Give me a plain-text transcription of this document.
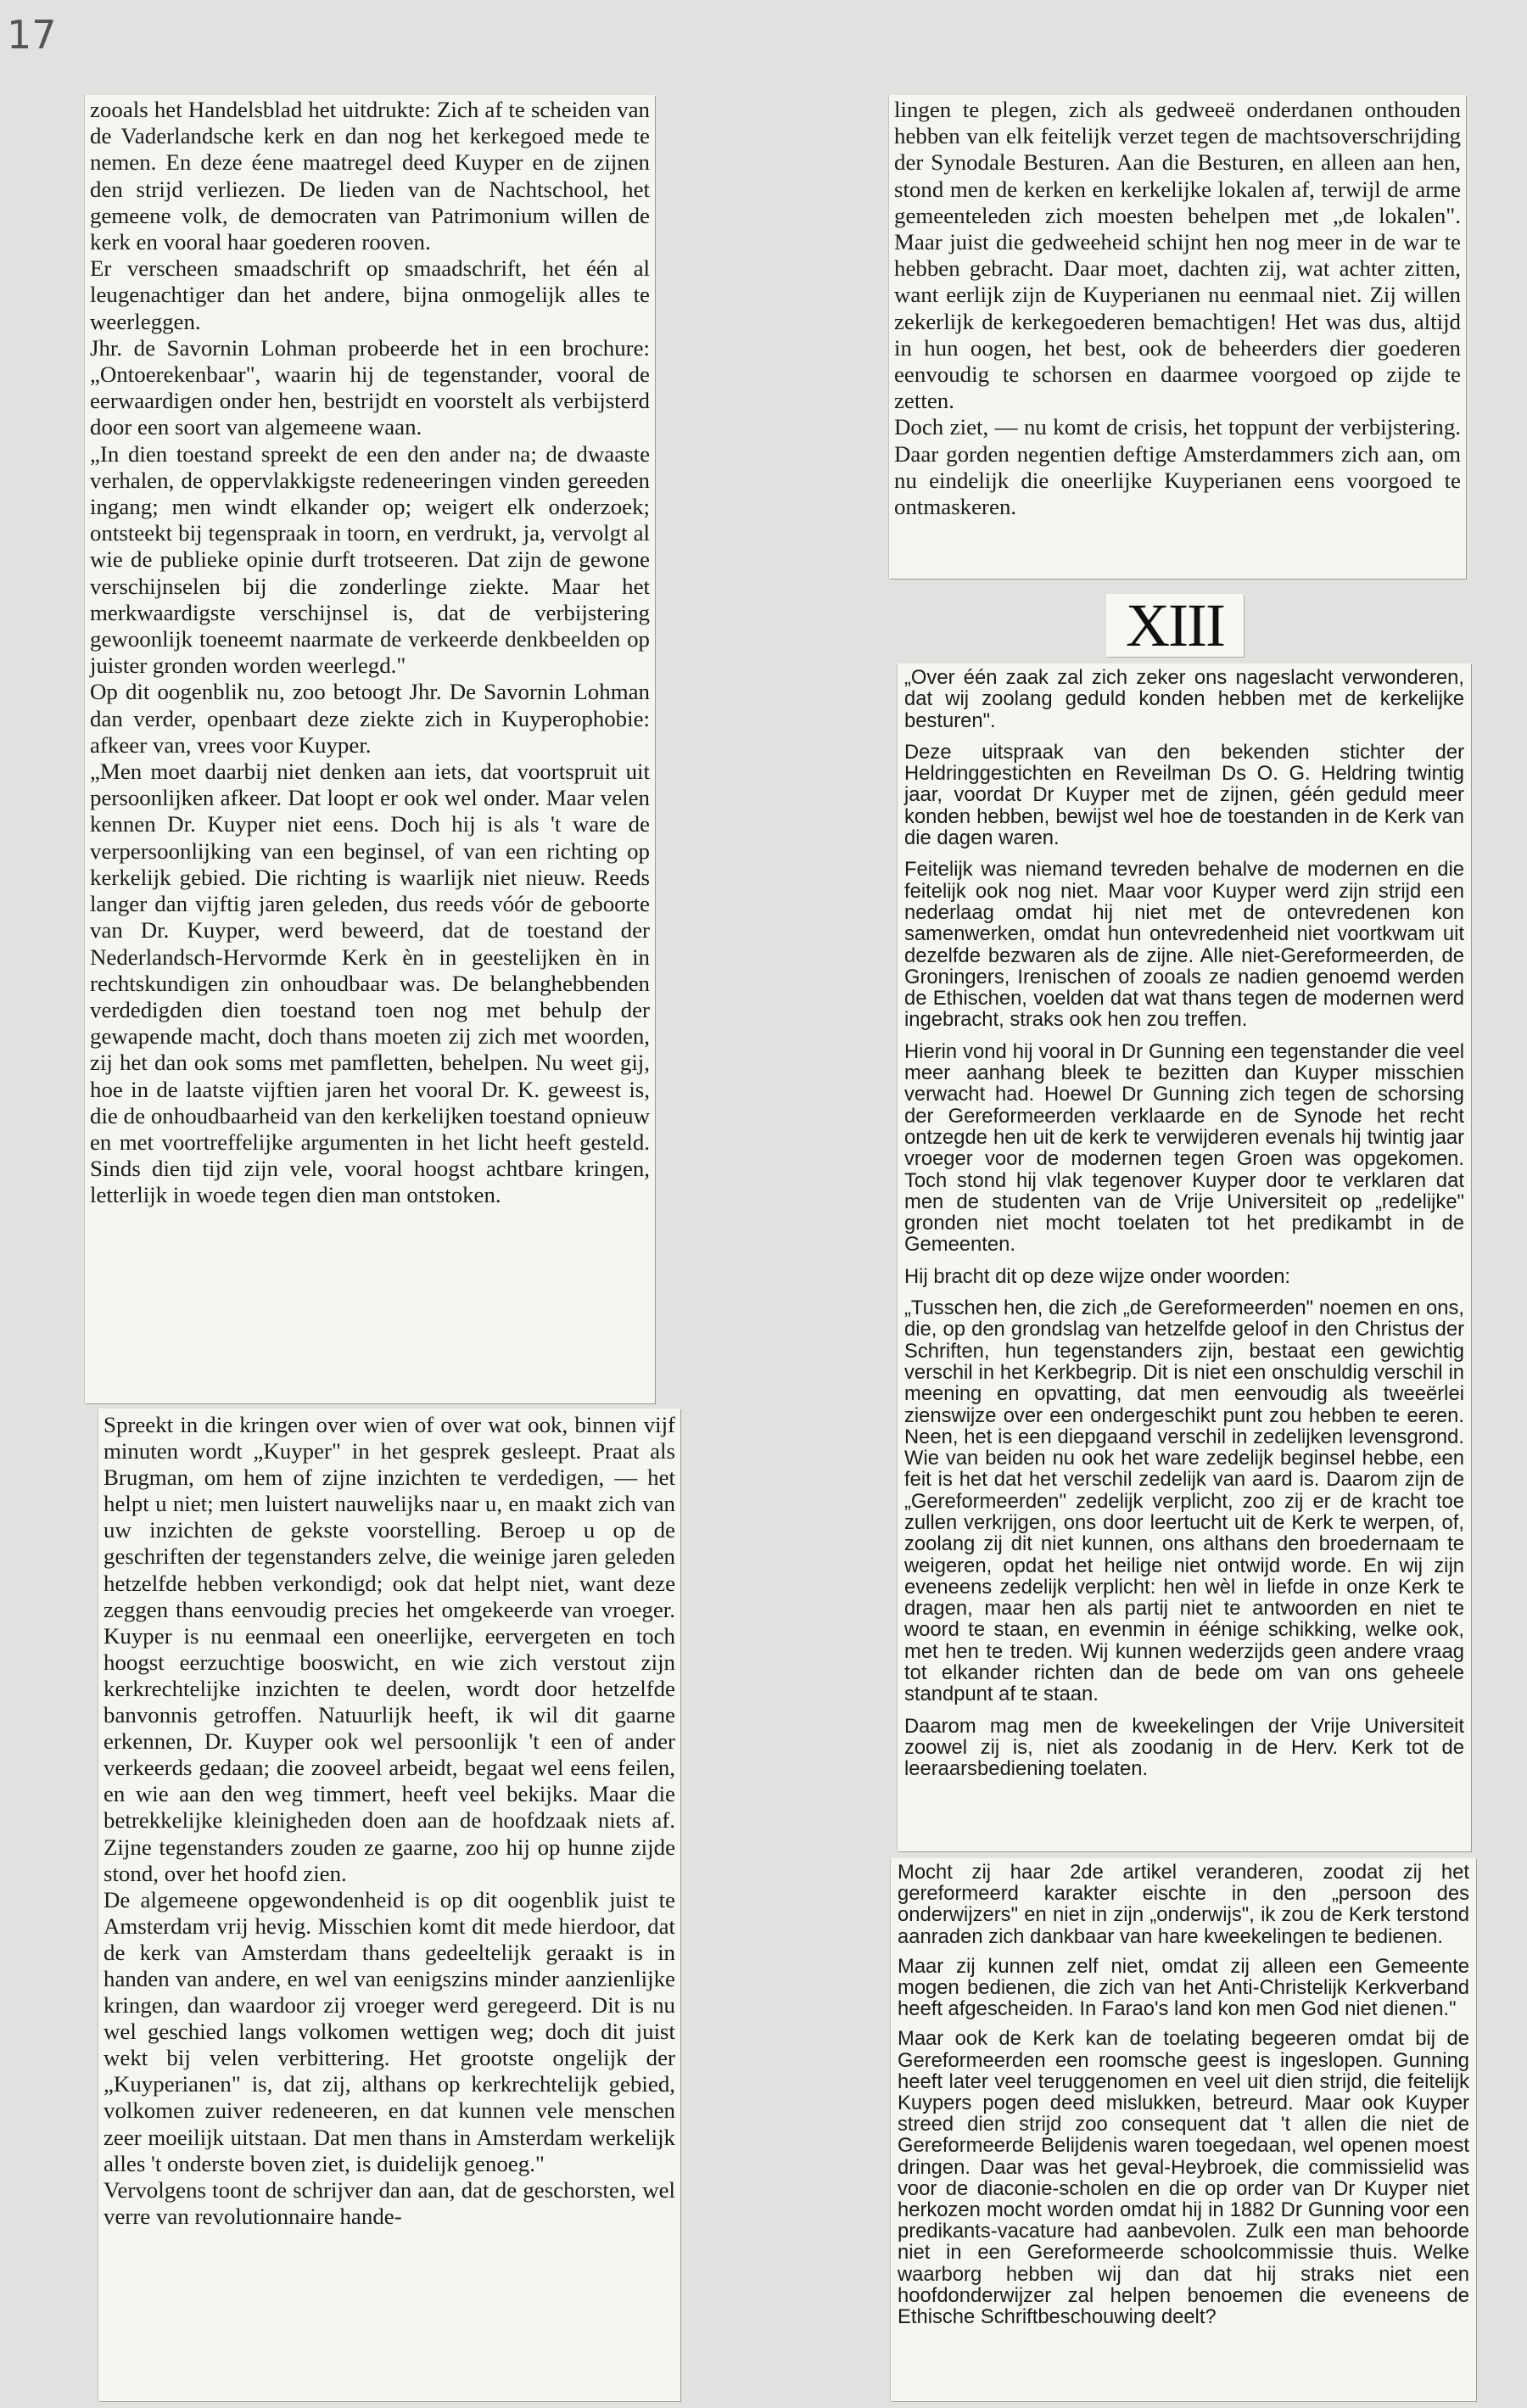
17

zooals het Handelsblad het uitdrukte: Zich af te scheiden van de Vaderlandsche kerk en dan nog het kerkegoed mede te nemen. En deze éene maatregel deed Kuyper en de zijnen den strijd verliezen. De lieden van de Nachtschool, het gemeene volk, de democraten van Patrimonium willen de kerk en vooral haar goederen rooven.

Er verscheen smaadschrift op smaadschrift, het één al leugenachtiger dan het andere, bijna onmogelijk alles te weerleggen.

Jhr. de Savornin Lohman probeerde het in een brochure: „Ontoerekenbaar", waarin hij de tegenstander, vooral de eerwaardigen onder hen, bestrijdt en voorstelt als verbijsterd door een soort van algemeene waan.

„In dien toestand spreekt de een den ander na; de dwaaste verhalen, de oppervlakkigste redeneeringen vinden gereeden ingang; men windt elkander op; weigert elk onderzoek; ontsteekt bij tegenspraak in toorn, en verdrukt, ja, vervolgt al wie de publieke opinie durft trotseeren. Dat zijn de gewone verschijnselen bij die zonderlinge ziekte. Maar het merkwaardigste verschijnsel is, dat de verbijstering gewoonlijk toeneemt naarmate de verkeerde denkbeelden op juister gronden worden weerlegd."

Op dit oogenblik nu, zoo betoogt Jhr. De Savornin Lohman dan verder, openbaart deze ziekte zich in Kuyperophobie: afkeer van, vrees voor Kuyper.

„Men moet daarbij niet denken aan iets, dat voortspruit uit persoonlijken afkeer. Dat loopt er ook wel onder. Maar velen kennen Dr. Kuyper niet eens. Doch hij is als 't ware de verpersoonlijking van een beginsel, of van een richting op kerkelijk gebied. Die richting is waarlijk niet nieuw. Reeds langer dan vijftig jaren geleden, dus reeds vóór de geboorte van Dr. Kuyper, werd beweerd, dat de toestand der Nederlandsch-Hervormde Kerk èn in geestelijken èn in rechtskundigen zin onhoudbaar was. De belanghebbenden verdedigden dien toestand toen nog met behulp der gewapende macht, doch thans moeten zij zich met woorden, zij het dan ook soms met pamfletten, behelpen. Nu weet gij, hoe in de laatste vijftien jaren het vooral Dr. K. geweest is, die de onhoudbaarheid van den kerkelijken toestand opnieuw en met voortreffelijke argumenten in het licht heeft gesteld. Sinds dien tijd zijn vele, vooral hoogst achtbare kringen, letterlijk in woede tegen dien man ontstoken.

Spreekt in die kringen over wien of over wat ook, binnen vijf minuten wordt „Kuyper" in het gesprek gesleept. Praat als Brugman, om hem of zijne inzichten te verdedigen, — het helpt u niet; men luistert nauwelijks naar u, en maakt zich van uw inzichten de gekste voorstelling. Beroep u op de geschriften der tegenstanders zelve, die weinige jaren geleden hetzelfde hebben verkondigd; ook dat helpt niet, want deze zeggen thans eenvoudig precies het omgekeerde van vroeger. Kuyper is nu eenmaal een oneerlijke, eervergeten en toch hoogst eerzuchtige booswicht, en wie zich verstout zijn kerkrechtelijke inzichten te deelen, wordt door hetzelfde banvonnis getroffen. Natuurlijk heeft, ik wil dit gaarne erkennen, Dr. Kuyper ook wel persoonlijk 't een of ander verkeerds gedaan; die zooveel arbeidt, begaat wel eens feilen, en wie aan den weg timmert, heeft veel bekijks. Maar die betrekkelijke kleinigheden doen aan de hoofdzaak niets af. Zijne tegenstanders zouden ze gaarne, zoo hij op hunne zijde stond, over het hoofd zien.

De algemeene opgewondenheid is op dit oogenblik juist te Amsterdam vrij hevig. Misschien komt dit mede hierdoor, dat de kerk van Amsterdam thans gedeeltelijk geraakt is in handen van andere, en wel van eenigszins minder aanzienlijke kringen, dan waardoor zij vroeger werd geregeerd. Dit is nu wel geschied langs volkomen wettigen weg; doch dit juist wekt bij velen verbittering. Het grootste ongelijk der „Kuyperianen" is, dat zij, althans op kerkrechtelijk gebied, volkomen zuiver redeneeren, en dat kunnen vele menschen zeer moeilijk uitstaan. Dat men thans in Amsterdam werkelijk alles 't onderste boven ziet, is duidelijk genoeg."

Vervolgens toont de schrijver dan aan, dat de geschorsten, wel verre van revolutionnaire hande-

lingen te plegen, zich als gedweeë onderdanen onthouden hebben van elk feitelijk verzet tegen de machtsoverschrijding der Synodale Besturen. Aan die Besturen, en alleen aan hen, stond men de kerken en kerkelijke lokalen af, terwijl de arme gemeenteleden zich moesten behelpen met „de lokalen". Maar juist die gedweeheid schijnt hen nog meer in de war te hebben gebracht. Daar moet, dachten zij, wat achter zitten, want eerlijk zijn de Kuyperianen nu eenmaal niet. Zij willen zekerlijk de kerkegoederen bemachtigen! Het was dus, altijd in hun oogen, het best, ook de beheerders dier goederen eenvoudig te schorsen en daarmee voorgoed op zijde te zetten.

Doch ziet, — nu komt de crisis, het toppunt der verbijstering. Daar gorden negentien deftige Amsterdammers zich aan, om nu eindelijk die oneerlijke Kuyperianen eens voorgoed te ontmaskeren.

XIII

„Over één zaak zal zich zeker ons nageslacht verwonderen, dat wij zoolang geduld konden hebben met de kerkelijke besturen".

Deze uitspraak van den bekenden stichter der Heldringgestichten en Reveilman Ds O. G. Heldring twintig jaar, voordat Dr Kuyper met de zijnen, géén geduld meer konden hebben, bewijst wel hoe de toestanden in de Kerk van die dagen waren.

Feitelijk was niemand tevreden behalve de modernen en die feitelijk ook nog niet. Maar voor Kuyper werd zijn strijd een nederlaag omdat hij niet met de ontevredenen kon samenwerken, omdat hun ontevredenheid niet voortkwam uit dezelfde bezwaren als de zijne. Alle niet-Gereformeerden, de Groningers, Irenischen of zooals ze nadien genoemd werden de Ethischen, voelden dat wat thans tegen de modernen werd ingebracht, straks ook hen zou treffen.

Hierin vond hij vooral in Dr Gunning een tegenstander die veel meer aanhang bleek te bezitten dan Kuyper misschien verwacht had. Hoewel Dr Gunning zich tegen de schorsing der Gereformeerden verklaarde en de Synode het recht ontzegde hen uit de kerk te verwijderen evenals hij twintig jaar vroeger voor de modernen tegen Groen was opgekomen. Toch stond hij vlak tegenover Kuyper door te verklaren dat men de studenten van de Vrije Universiteit op „redelijke" gronden niet mocht toelaten tot het predikambt in de Gemeenten.

Hij bracht dit op deze wijze onder woorden:

„Tusschen hen, die zich „de Gereformeerden" noemen en ons, die, op den grondslag van hetzelfde geloof in den Christus der Schriften, hun tegenstanders zijn, bestaat een gewichtig verschil in het Kerkbegrip. Dit is niet een onschuldig verschil in meening en opvatting, dat men eenvoudig als tweeërlei zienswijze over een ondergeschikt punt zou hebben te eeren. Neen, het is een diepgaand verschil in zedelijken levensgrond. Wie van beiden nu ook het ware zedelijk beginsel hebbe, een feit is het dat het verschil zedelijk van aard is. Daarom zijn de „Gereformeerden" zedelijk verplicht, zoo zij er de kracht toe zullen verkrijgen, ons door leertucht uit de Kerk te werpen, of, zoolang zij dit niet kunnen, ons althans den broedernaam te weigeren, opdat het heilige niet ontwijd worde. En wij zijn eveneens zedelijk verplicht: hen wèl in liefde in onze Kerk te dragen, maar hen als partij niet te antwoorden en niet te woord te staan, en evenmin in éénige schikking, welke ook, met hen te treden. Wij kunnen wederzijds geen andere vraag tot elkander richten dan de bede om van ons geheele standpunt af te staan.

Daarom mag men de kweekelingen der Vrije Universiteit zoowel zij is, niet als zoodanig in de Herv. Kerk tot de leeraarsbediening toelaten.

Mocht zij haar 2de artikel veranderen, zoodat zij het gereformeerd karakter eischte in den „persoon des onderwijzers" en niet in zijn „onderwijs", ik zou de Kerk terstond aanraden zich dankbaar van hare kweekelingen te bedienen.

Maar zij kunnen zelf niet, omdat zij alleen een Gemeente mogen bedienen, die zich van het Anti-Christelijk Kerkverband heeft afgescheiden. In Farao's land kon men God niet dienen."

Maar ook de Kerk kan de toelating begeeren omdat bij de Gereformeerden een roomsche geest is ingeslopen. Gunning heeft later veel teruggenomen en veel uit dien strijd, die feitelijk Kuypers pogen deed mislukken, betreurd. Maar ook Kuyper streed dien strijd zoo consequent dat 't allen die niet de Gereformeerde Belijdenis waren toegedaan, wel openen moest dringen. Daar was het geval-Heybroek, die commissielid was voor de diaconie-scholen en die op order van Dr Kuyper niet herkozen mocht worden omdat hij in 1882 Dr Gunning voor een predikants-vacature had aanbevolen. Zulk een man behoorde niet in een Gereformeerde schoolcommissie thuis. Welke waarborg hebben wij dan dat hij straks niet een hoofdonderwijzer zal helpen benoemen die eveneens de Ethische Schriftbeschouwing deelt?
